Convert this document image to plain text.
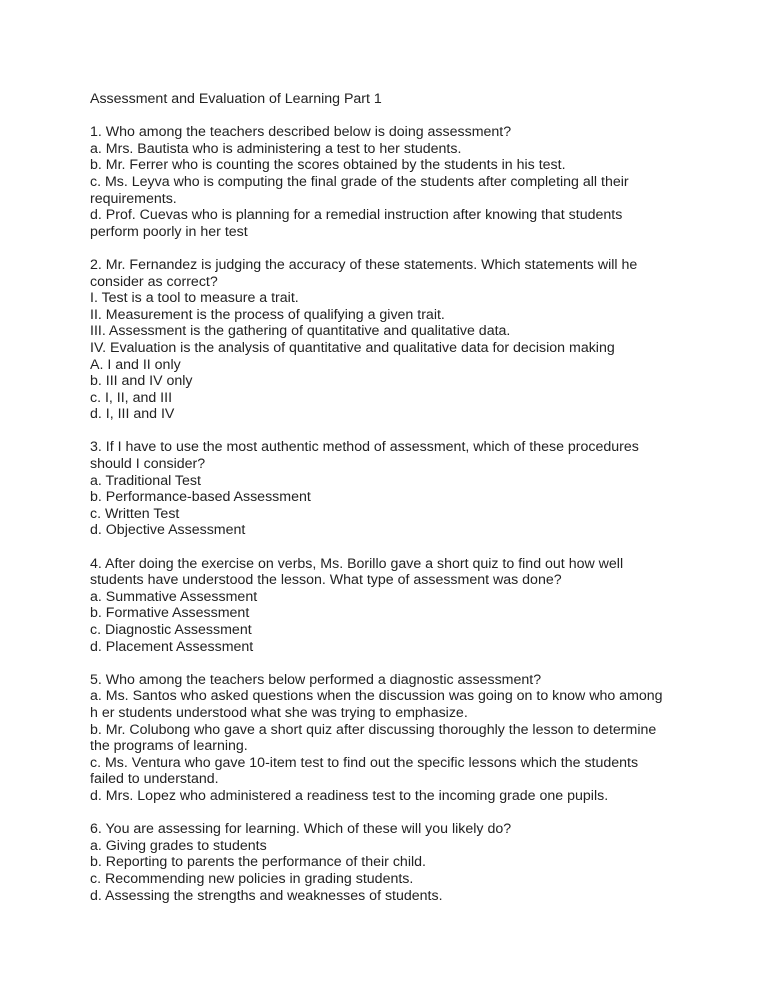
Assessment and Evaluation of Learning Part 1
1. Who among the teachers described below is doing assessment?
a. Mrs. Bautista who is administering a test to her students.
b. Mr. Ferrer who is counting the scores obtained by the students in his test.
c. Ms. Leyva who is computing the final grade of the students after completing all their
requirements.
d. Prof. Cuevas who is planning for a remedial instruction after knowing that students
perform poorly in her test
2. Mr. Fernandez is judging the accuracy of these statements. Which statements will he
consider as correct?
I. Test is a tool to measure a trait.
II. Measurement is the process of qualifying a given trait.
III. Assessment is the gathering of quantitative and qualitative data.
IV. Evaluation is the analysis of quantitative and qualitative data for decision making
A. I and II only
b. III and IV only
c. I, II, and III
d. I, III and IV
3. If I have to use the most authentic method of assessment, which of these procedures
should I consider?
a. Traditional Test
b. Performance-based Assessment
c. Written Test
d. Objective Assessment
4. After doing the exercise on verbs, Ms. Borillo gave a short quiz to find out how well
students have understood the lesson. What type of assessment was done?
a. Summative Assessment
b. Formative Assessment
c. Diagnostic Assessment
d. Placement Assessment
5. Who among the teachers below performed a diagnostic assessment?
a. Ms. Santos who asked questions when the discussion was going on to know who among
h er students understood what she was trying to emphasize.
b. Mr. Colubong who gave a short quiz after discussing thoroughly the lesson to determine
the programs of learning.
c. Ms. Ventura who gave 10-item test to find out the specific lessons which the students
failed to understand.
d. Mrs. Lopez who administered a readiness test to the incoming grade one pupils.
6. You are assessing for learning. Which of these will you likely do?
a. Giving grades to students
b. Reporting to parents the performance of their child.
c. Recommending new policies in grading students.
d. Assessing the strengths and weaknesses of students.
